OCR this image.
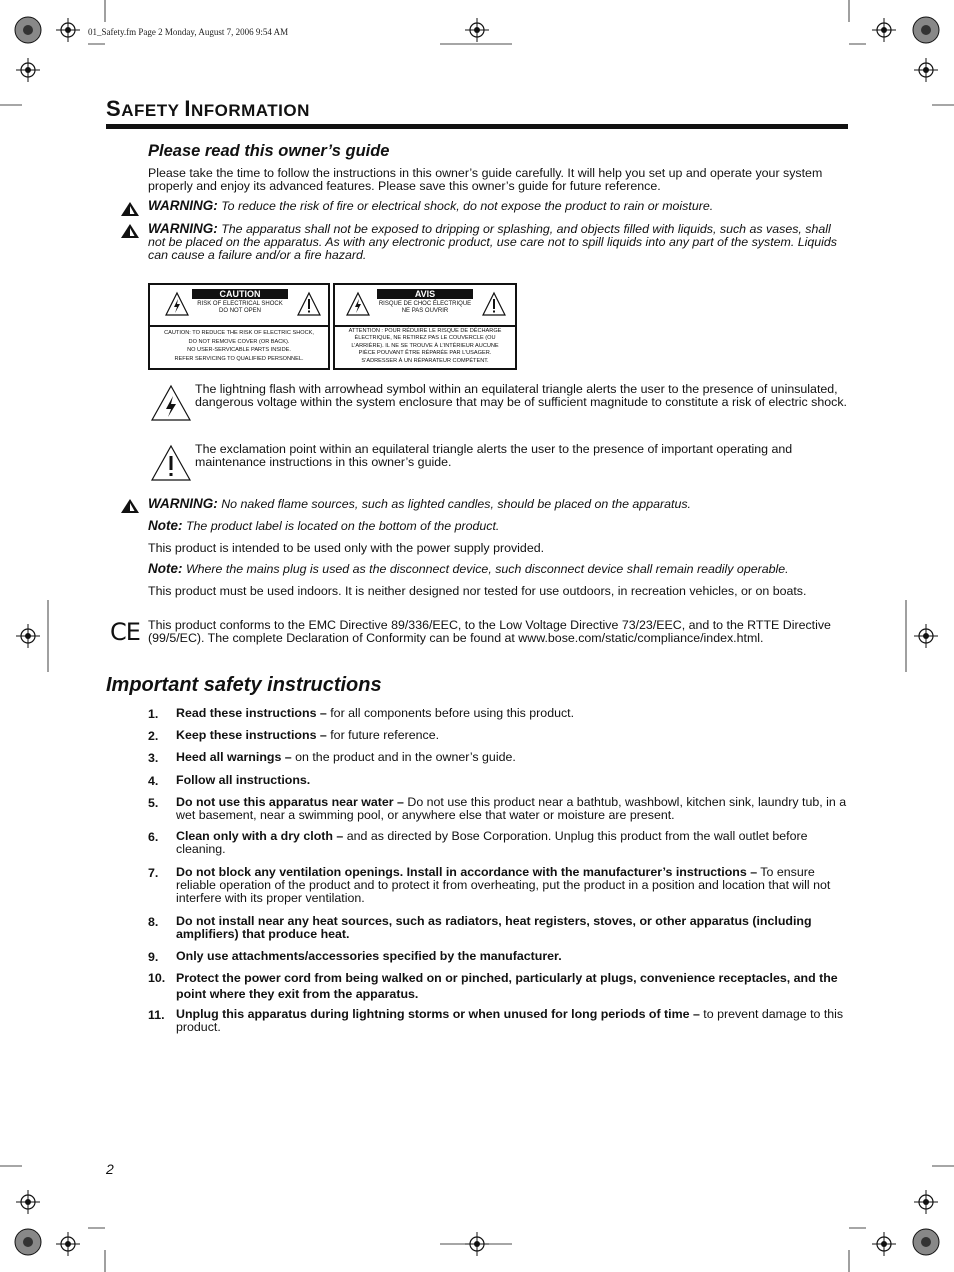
01_Safety.fm Page 2 Monday, August 7, 2006 9:54 AM
SAFETY INFORMATION
Please read this owner’s guide
Please take the time to follow the instructions in this owner’s guide carefully. It will help you set up and operate your system properly and enjoy its advanced features. Please save this owner’s guide for future reference.
WARNING: To reduce the risk of fire or electrical shock, do not expose the product to rain or moisture.
WARNING: The apparatus shall not be exposed to dripping or splashing, and objects filled with liquids, such as vases, shall not be placed on the apparatus. As with any electronic product, use care not to spill liquids into any part of the system. Liquids can cause a failure and/or a fire hazard.
CAUTION
RISK OF ELECTRICAL SHOCK
DO NOT OPEN
CAUTION: TO REDUCE THE RISK OF ELECTRIC SHOCK,
DO NOT REMOVE COVER (OR BACK).
NO USER-SERVICABLE PARTS INSIDE.
REFER SERVICING TO QUALIFIED PERSONNEL.
AVIS
RISQUE DE CHOC ÉLECTRIQUE
NE PAS OUVRIR
ATTENTION : POUR RÉDUIRE LE RISQUE DE DÉCHARGE
ÉLECTRIQUE, NE RETIREZ PAS LE COUVERCLE (OU
L’ARRIÈRE). IL NE SE TROUVE À L’INTÉRIEUR AUCUNE
PIÈCE POUVANT ÊTRE RÉPARÉE PAR L’USAGER.
S’ADRESSER À UN RÉPARATEUR COMPÉTENT.
The lightning flash with arrowhead symbol within an equilateral triangle alerts the user to the presence of uninsulated, dangerous voltage within the system enclosure that may be of sufficient magnitude to constitute a risk of electric shock.
The exclamation point within an equilateral triangle alerts the user to the presence of important operating and maintenance instructions in this owner’s guide.
WARNING: No naked flame sources, such as lighted candles, should be placed on the apparatus.
Note: The product label is located on the bottom of the product.
This product is intended to be used only with the power supply provided.
Note: Where the mains plug is used as the disconnect device, such disconnect device shall remain readily operable.
This product must be used indoors. It is neither designed nor tested for use outdoors, in recreation vehicles, or on boats.
CE This product conforms to the EMC Directive 89/336/EEC, to the Low Voltage Directive 73/23/EEC, and to the RTTE Directive (99/5/EC). The complete Declaration of Conformity can be found at www.bose.com/static/compliance/index.html.
Important safety instructions
1. Read these instructions – for all components before using this product.
2. Keep these instructions – for future reference.
3. Heed all warnings – on the product and in the owner’s guide.
4. Follow all instructions.
5. Do not use this apparatus near water – Do not use this product near a bathtub, washbowl, kitchen sink, laundry tub, in a wet basement, near a swimming pool, or anywhere else that water or moisture are present.
6. Clean only with a dry cloth – and as directed by Bose Corporation. Unplug this product from the wall outlet before cleaning.
7. Do not block any ventilation openings. Install in accordance with the manufacturer’s instructions – To ensure reliable operation of the product and to protect it from overheating, put the product in a position and location that will not interfere with its proper ventilation.
8. Do not install near any heat sources, such as radiators, heat registers, stoves, or other apparatus (including amplifiers) that produce heat.
9. Only use attachments/accessories specified by the manufacturer.
10. Protect the power cord from being walked on or pinched, particularly at plugs, convenience receptacles, and the point where they exit from the apparatus.
11. Unplug this apparatus during lightning storms or when unused for long periods of time – to prevent damage to this product.
2
